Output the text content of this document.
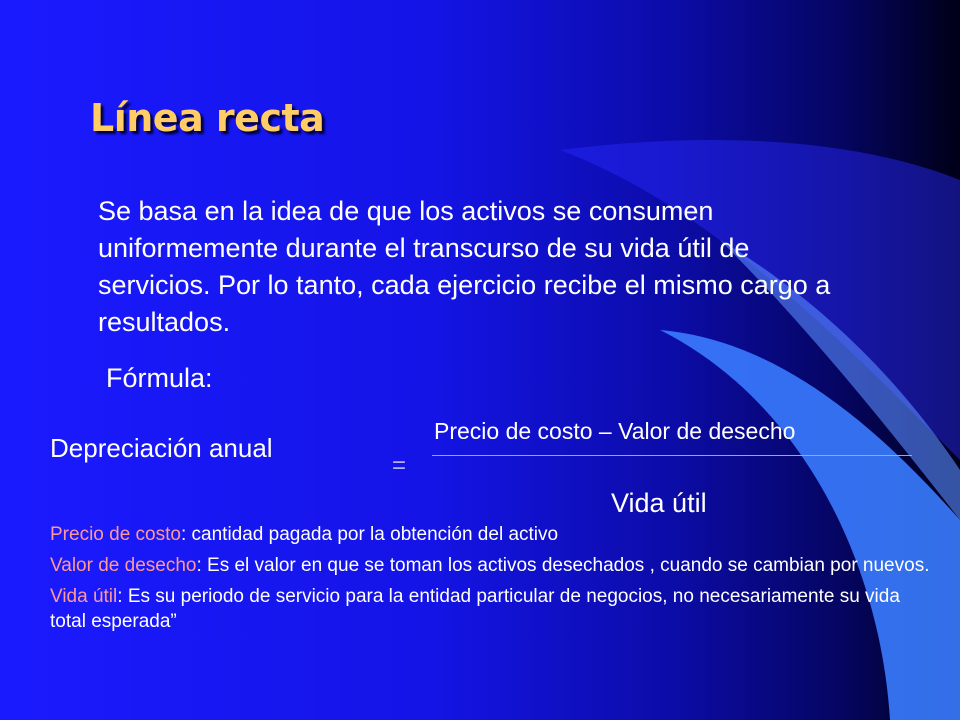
Línea recta
Se basa en la idea de que los activos se consumen uniformemente durante el transcurso de su vida útil de servicios. Por lo tanto, cada ejercicio recibe el mismo cargo a resultados.
Fórmula:
Depreciación anual
=
Precio de costo – Valor de desecho
Vida útil
Precio de costo: cantidad pagada por la obtención del activo
Valor de desecho: Es el valor en que se toman los activos desechados , cuando se cambian por nuevos.
Vida útil: Es su periodo de servicio para la entidad particular de negocios, no necesariamente su vida total esperada”
